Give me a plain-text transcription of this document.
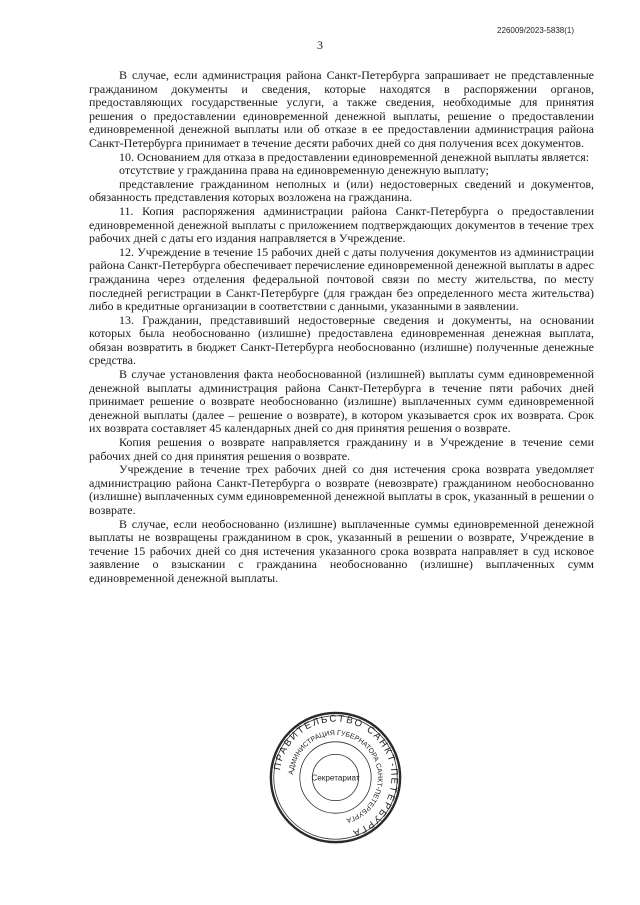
226009/2023-5838(1)
3

В случае, если администрация района Санкт-Петербурга запрашивает не представленные гражданином документы и сведения, которые находятся в распоряжении органов, предоставляющих государственные услуги, а также сведения, необходимые для принятия решения о предоставлении единовременной денежной выплаты, решение о предоставлении единовременной денежной выплаты или об отказе в ее предоставлении администрация района Санкт-Петербурга принимает в течение десяти рабочих дней со дня получения всех документов.

10. Основанием для отказа в предоставлении единовременной денежной выплаты является:

отсутствие у гражданина права на единовременную денежную выплату;

представление гражданином неполных и (или) недостоверных сведений и документов, обязанность представления которых возложена на гражданина.

11. Копия распоряжения администрации района Санкт-Петербурга о предоставлении единовременной денежной выплаты с приложением подтверждающих документов в течение трех рабочих дней с даты его издания направляется в Учреждение.

12. Учреждение в течение 15 рабочих дней с даты получения документов из администрации района Санкт-Петербурга обеспечивает перечисление единовременной денежной выплаты в адрес гражданина через отделения федеральной почтовой связи по месту жительства, по месту последней регистрации в Санкт-Петербурге (для граждан без определенного места жительства) либо в кредитные организации в соответствии с данными, указанными в заявлении.

13. Гражданин, представивший недостоверные сведения и документы, на основании которых была необоснованно (излишне) предоставлена единовременная денежная выплата, обязан возвратить в бюджет Санкт-Петербурга необоснованно (излишне) полученные денежные средства.

В случае установления факта необоснованной (излишней) выплаты сумм единовременной денежной выплаты администрация района Санкт-Петербурга в течение пяти рабочих дней принимает решение о возврате необоснованно (излишне) выплаченных сумм единовременной денежной выплаты (далее – решение о возврате), в котором указывается срок их возврата. Срок их возврата составляет 45 календарных дней со дня принятия решения о возврате.

Копия решения о возврате направляется гражданину и в Учреждение в течение семи рабочих дней со дня принятия решения о возврате.

Учреждение в течение трех рабочих дней со дня истечения срока возврата уведомляет администрацию района Санкт-Петербурга о возврате (невозврате) гражданином необоснованно (излишне) выплаченных сумм единовременной денежной выплаты в срок, указанный в решении о возврате.

В случае, если необоснованно (излишне) выплаченные суммы единовременной денежной выплаты не возвращены гражданином в срок, указанный в решении о возврате, Учреждение в течение 15 рабочих дней со дня истечения указанного срока возврата направляет в суд исковое заявление о взыскании с гражданина необоснованно (излишне) выплаченных сумм единовременной денежной выплаты.

ПРАВИТЕЛЬСТВО САНКТ-ПЕТЕРБУРГА
АДМИНИСТРАЦИЯ ГУБЕРНАТОРА САНКТ-ПЕТЕРБУРГА
Секретариат
